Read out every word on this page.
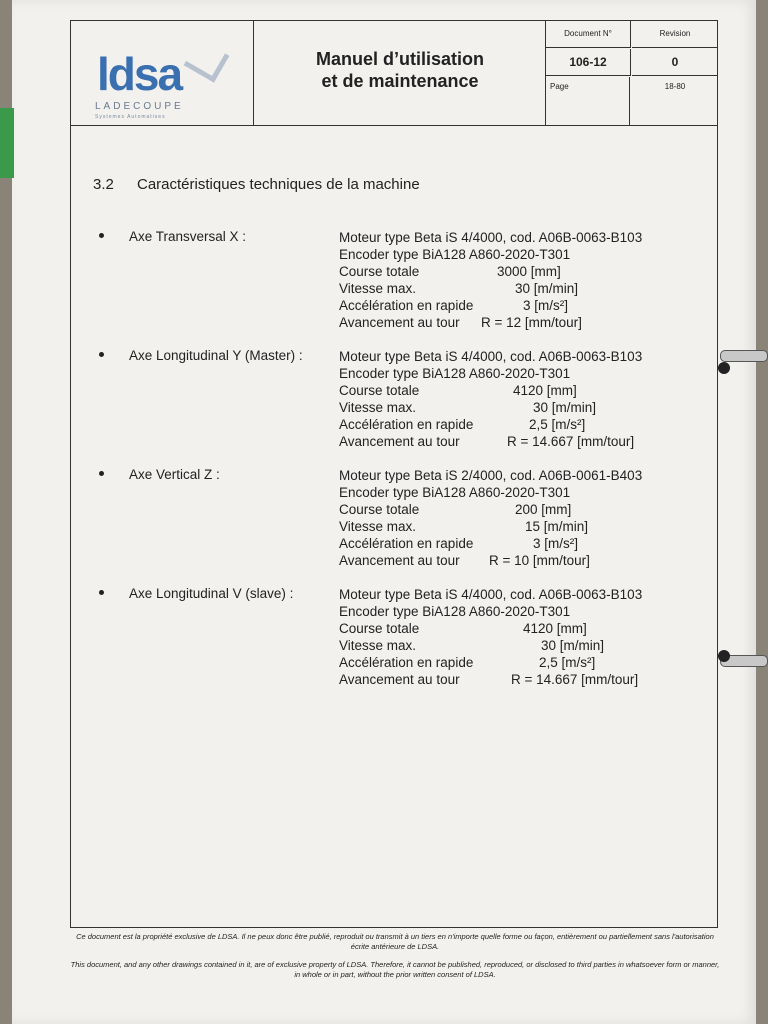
ldsa
LADECOUPE
Systemes Automatises
Manuel d’utilisation
et de maintenance
Document N°	Revision
106-12	0
Page	18-80
3.2 Caractéristiques techniques de la machine
Axe Transversal X :	Moteur type Beta iS 4/4000, cod. A06B-0063-B103
Encoder type BiA128 A860-2020-T301
Course totale	3000 [mm]
Vitesse max.	30 [m/min]
Accélération en rapide	3 [m/s²]
Avancement au tour R = 12 [mm/tour]
Axe Longitudinal Y (Master) :	Moteur type Beta iS 4/4000, cod. A06B-0063-B103
Encoder type BiA128 A860-2020-T301
Course totale	4120 [mm]
Vitesse max.	30 [m/min]
Accélération en rapide	2,5 [m/s²]
Avancement au tour	R = 14.667 [mm/tour]
Axe Vertical Z :	Moteur type Beta iS 2/4000, cod. A06B-0061-B403
Encoder type BiA128 A860-2020-T301
Course totale	200 [mm]
Vitesse max.	15 [m/min]
Accélération en rapide	3 [m/s²]
Avancement au tour R = 10 [mm/tour]
Axe Longitudinal V (slave) :	Moteur type Beta iS 4/4000, cod. A06B-0063-B103
Encoder type BiA128 A860-2020-T301
Course totale	4120 [mm]
Vitesse max.	30 [m/min]
Accélération en rapide	2,5 [m/s²]
Avancement au tour	R = 14.667 [mm/tour]

Ce document est la propriété exclusive de LDSA. Il ne peux donc être publié, reproduit ou transmit à un tiers en n'importe quelle forme ou façon, entièrement ou partiellement sans l'autorisation écrite antérieure de LDSA.

This document, and any other drawings contained in it, are of exclusive property of LDSA. Therefore, it cannot be published, reproduced, or disclosed to third parties in whatsoever form or manner, in whole or in part, without the prior written consent of LDSA.
